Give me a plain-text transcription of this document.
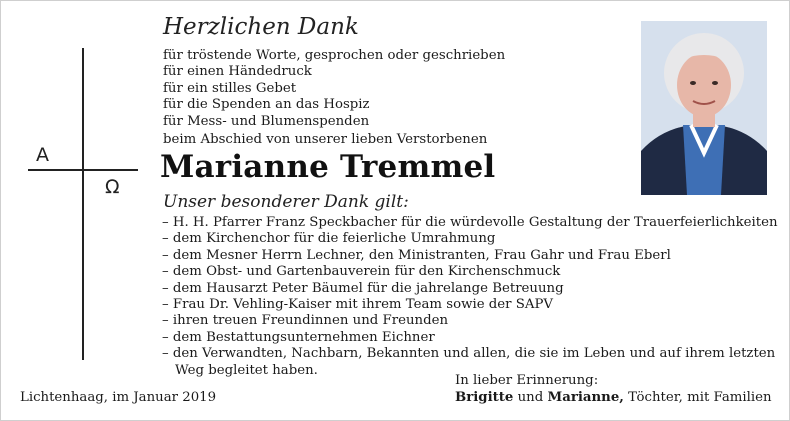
A
Ω
Herzlichen Dank
für tröstende Worte, gesprochen oder geschrieben
für einen Händedruck
für ein stilles Gebet
für die Spenden an das Hospiz
für Mess- und Blumenspenden
beim Abschied von unserer lieben Verstorbenen
Marianne Tremmel
Unser besonderer Dank gilt:
– H. H. Pfarrer Franz Speckbacher für die würdevolle Gestaltung der Trauerfeierlichkeiten
– dem Kirchenchor für die feierliche Umrahmung
– dem Mesner Herrn Lechner, den Ministranten, Frau Gahr und Frau Eberl
– dem Obst- und Gartenbauverein für den Kirchenschmuck
– dem Hausarzt Peter Bäumel für die jahrelange Betreuung
– Frau Dr. Vehling-Kaiser mit ihrem Team sowie der SAPV
– ihren treuen Freundinnen und Freunden
– dem Bestattungsunternehmen Eichner
– den Verwandten, Nachbarn, Bekannten und allen, die sie im Leben und auf ihrem letzten
Weg begleitet haben.
Lichtenhaag, im Januar 2019
In lieber Erinnerung:
Brigitte und Marianne, Töchter, mit Familien
